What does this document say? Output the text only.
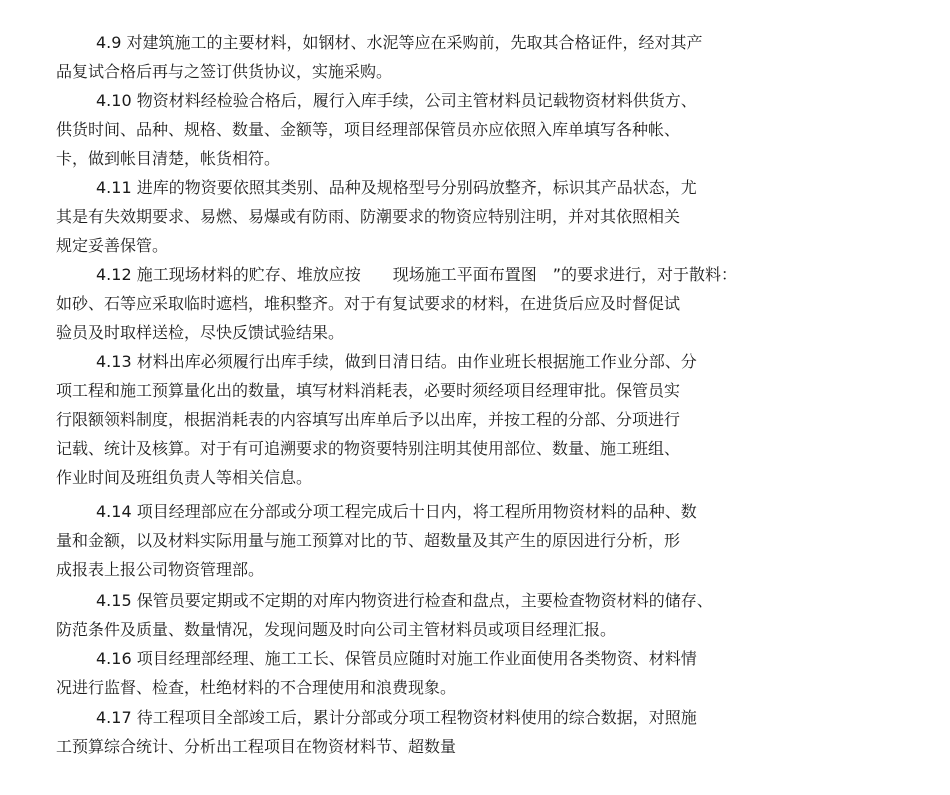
4.9 对建筑施工的主要材料，如钢材、水泥等应在采购前，先取其合格证件，经对其产
品复试合格后再与之签订供货协议，实施采购。

4.10 物资材料经检验合格后，履行入库手续，公司主管材料员记载物资材料供货方、
供货时间、品种、规格、数量、金额等，项目经理部保管员亦应依照入库单填写各种帐、
卡，做到帐目清楚，帐货相符。

4.11 进库的物资要依照其类别、品种及规格型号分别码放整齐，标识其产品状态，尤
其是有失效期要求、易燃、易爆或有防雨、防潮要求的物资应特别注明，并对其依照相关
规定妥善保管。

4.12 施工现场材料的贮存、堆放应按　　现场施工平面布置图　”的要求进行，对于散料：
如砂、石等应采取临时遮档，堆积整齐。对于有复试要求的材料，在进货后应及时督促试
验员及时取样送检，尽快反馈试验结果。

4.13 材料出库必须履行出库手续，做到日清日结。由作业班长根据施工作业分部、分
项工程和施工预算量化出的数量，填写材料消耗表，必要时须经项目经理审批。保管员实
行限额领料制度，根据消耗表的内容填写出库单后予以出库，并按工程的分部、分项进行
记载、统计及核算。对于有可追溯要求的物资要特别注明其使用部位、数量、施工班组、
作业时间及班组负责人等相关信息。

4.14 项目经理部应在分部或分项工程完成后十日内，将工程所用物资材料的品种、数
量和金额，以及材料实际用量与施工预算对比的节、超数量及其产生的原因进行分析，形
成报表上报公司物资管理部。

4.15 保管员要定期或不定期的对库内物资进行检查和盘点，主要检查物资材料的储存、
防范条件及质量、数量情况，发现问题及时向公司主管材料员或项目经理汇报。

4.16 项目经理部经理、施工工长、保管员应随时对施工作业面使用各类物资、材料情
况进行监督、检查，杜绝材料的不合理使用和浪费现象。

4.17 待工程项目全部竣工后，累计分部或分项工程物资材料使用的综合数据，对照施
工预算综合统计、分析出工程项目在物资材料节、超数量
